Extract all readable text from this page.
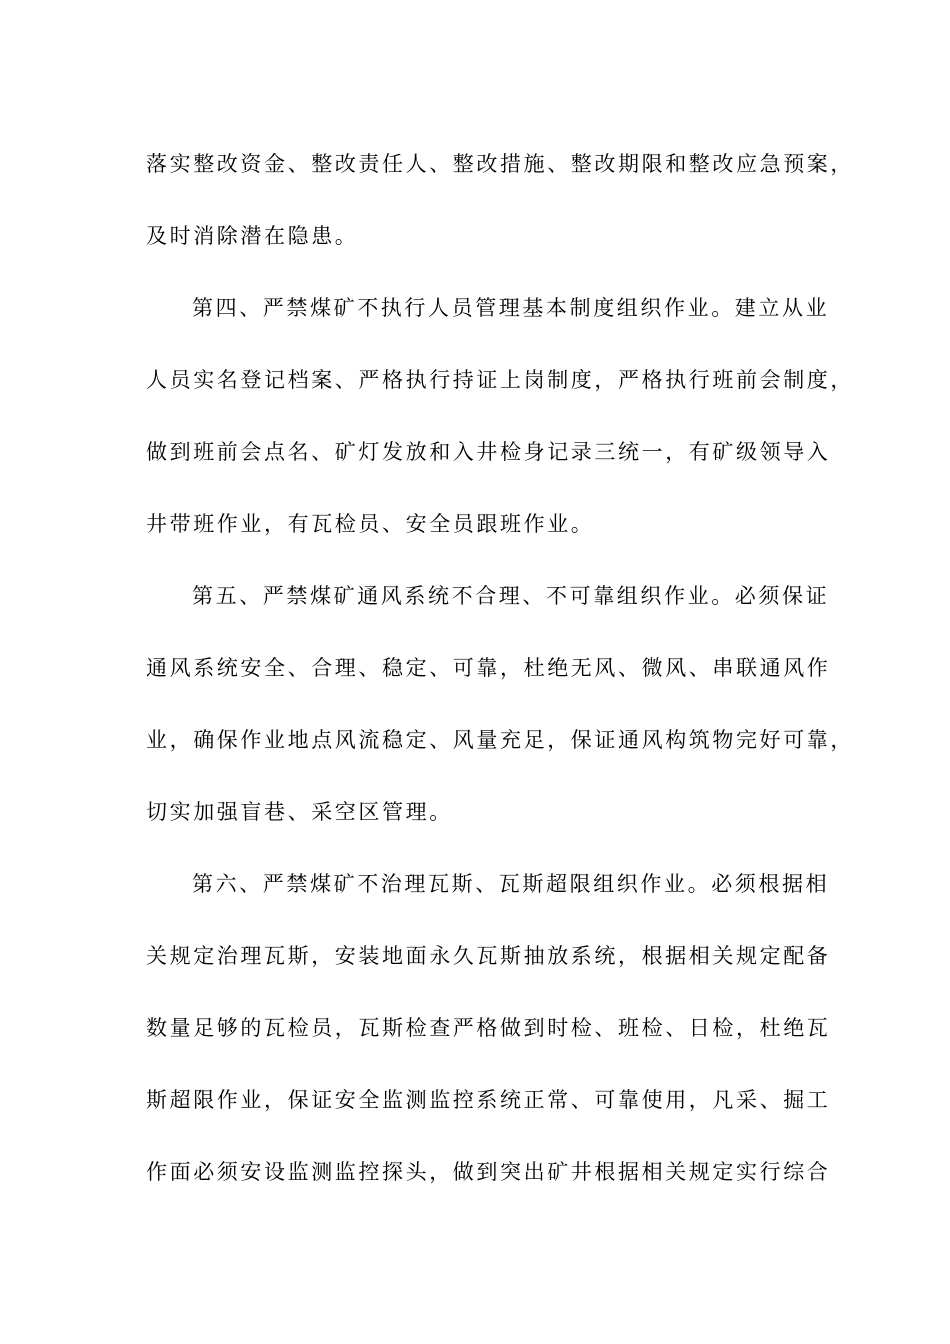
落实整改资金、整改责任人、整改措施、整改期限和整改应急预案，
及时消除潜在隐患。
第四、严禁煤矿不执行人员管理基本制度组织作业。建立从业
人员实名登记档案、严格执行持证上岗制度，严格执行班前会制度，
做到班前会点名、矿灯发放和入井检身记录三统一，有矿级领导入
井带班作业，有瓦检员、安全员跟班作业。
第五、严禁煤矿通风系统不合理、不可靠组织作业。必须保证
通风系统安全、合理、稳定、可靠，杜绝无风、微风、串联通风作
业，确保作业地点风流稳定、风量充足，保证通风构筑物完好可靠，
切实加强盲巷、采空区管理。
第六、严禁煤矿不治理瓦斯、瓦斯超限组织作业。必须根据相
关规定治理瓦斯，安装地面永久瓦斯抽放系统，根据相关规定配备
数量足够的瓦检员，瓦斯检查严格做到时检、班检、日检，杜绝瓦
斯超限作业，保证安全监测监控系统正常、可靠使用，凡采、掘工
作面必须安设监测监控探头，做到突出矿井根据相关规定实行综合
